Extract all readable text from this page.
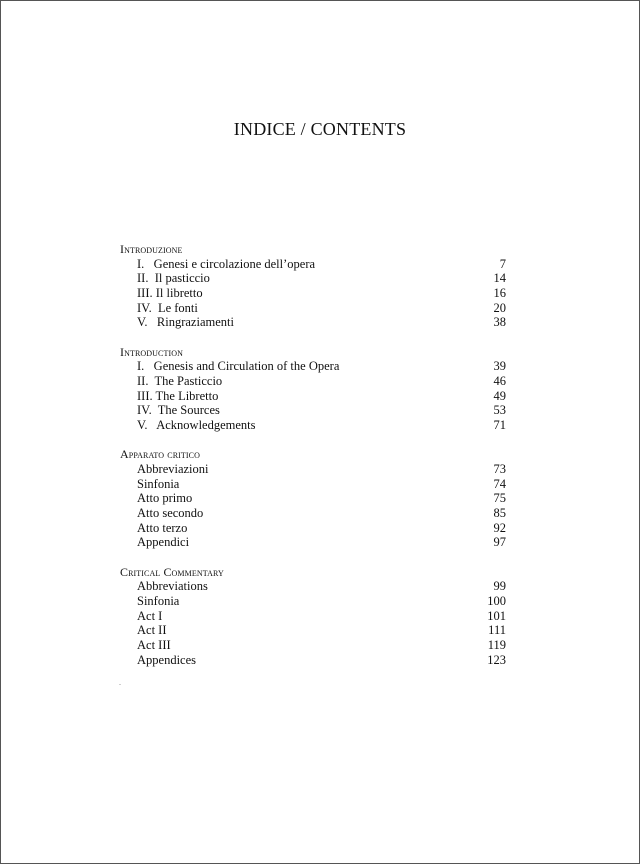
INDICE / CONTENTS
Introduzione
I.   Genesi e circolazione dell’opera	7
II.  Il pasticcio	14
III. Il libretto	16
IV.  Le fonti	20
V.   Ringraziamenti	38
Introduction
I.   Genesis and Circulation of the Opera	39
II.  The Pasticcio	46
III. The Libretto	49
IV.  The Sources	53
V.   Acknowledgements	71
Apparato critico
Abbreviazioni	73
Sinfonia	74
Atto primo	75
Atto secondo	85
Atto terzo	92
Appendici	97
Critical Commentary
Abbreviations	99
Sinfonia	100
Act I	101
Act II	111
Act III	119
Appendices	123
